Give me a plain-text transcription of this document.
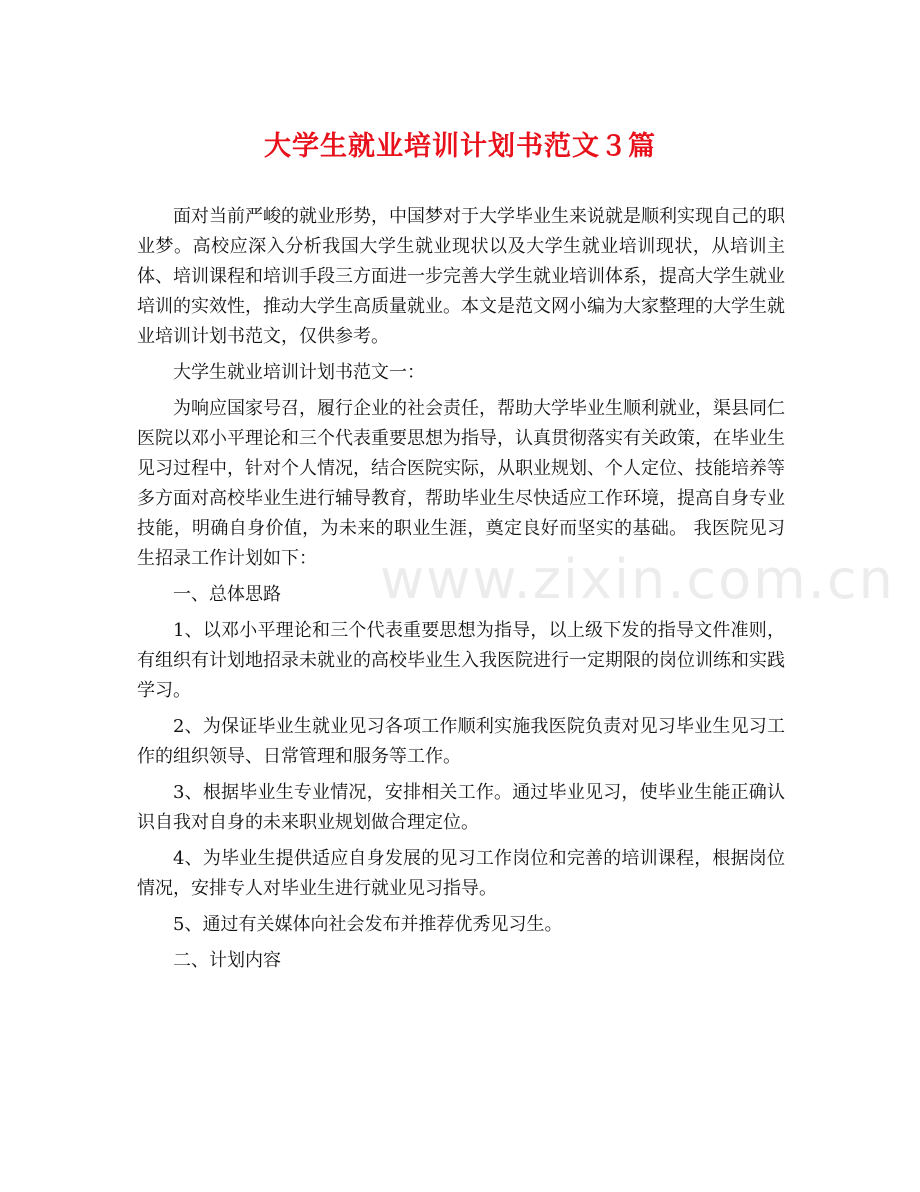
大学生就业培训计划书范文３篇
www.zixin.com.cn

面对当前严峻的就业形势，中国梦对于大学毕业生来说就是顺利实现自己的职业梦。高校应深入分析我国大学生就业现状以及大学生就业培训现状，从培训主体、培训课程和培训手段三方面进一步完善大学生就业培训体系，提高大学生就业培训的实效性，推动大学生高质量就业。本文是范文网小编为大家整理的大学生就业培训计划书范文，仅供参考。

大学生就业培训计划书范文一：

为响应国家号召，履行企业的社会责任，帮助大学毕业生顺利就业，渠县同仁医院以邓小平理论和三个代表重要思想为指导，认真贯彻落实有关政策，在毕业生见习过程中，针对个人情况，结合医院实际，从职业规划、个人定位、技能培养等多方面对高校毕业生进行辅导教育，帮助毕业生尽快适应工作环境，提高自身专业技能，明确自身价值，为未来的职业生涯，奠定良好而坚实的基础。 我医院见习生招录工作计划如下：

一、总体思路

1、以邓小平理论和三个代表重要思想为指导，以上级下发的指导文件准则，有组织有计划地招录未就业的高校毕业生入我医院进行一定期限的岗位训练和实践学习。

2、为保证毕业生就业见习各项工作顺利实施我医院负责对见习毕业生见习工作的组织领导、日常管理和服务等工作。

3、根据毕业生专业情况，安排相关工作。通过毕业见习，使毕业生能正确认识自我对自身的未来职业规划做合理定位。

4、为毕业生提供适应自身发展的见习工作岗位和完善的培训课程，根据岗位情况，安排专人对毕业生进行就业见习指导。

5、通过有关媒体向社会发布并推荐优秀见习生。

二、计划内容
